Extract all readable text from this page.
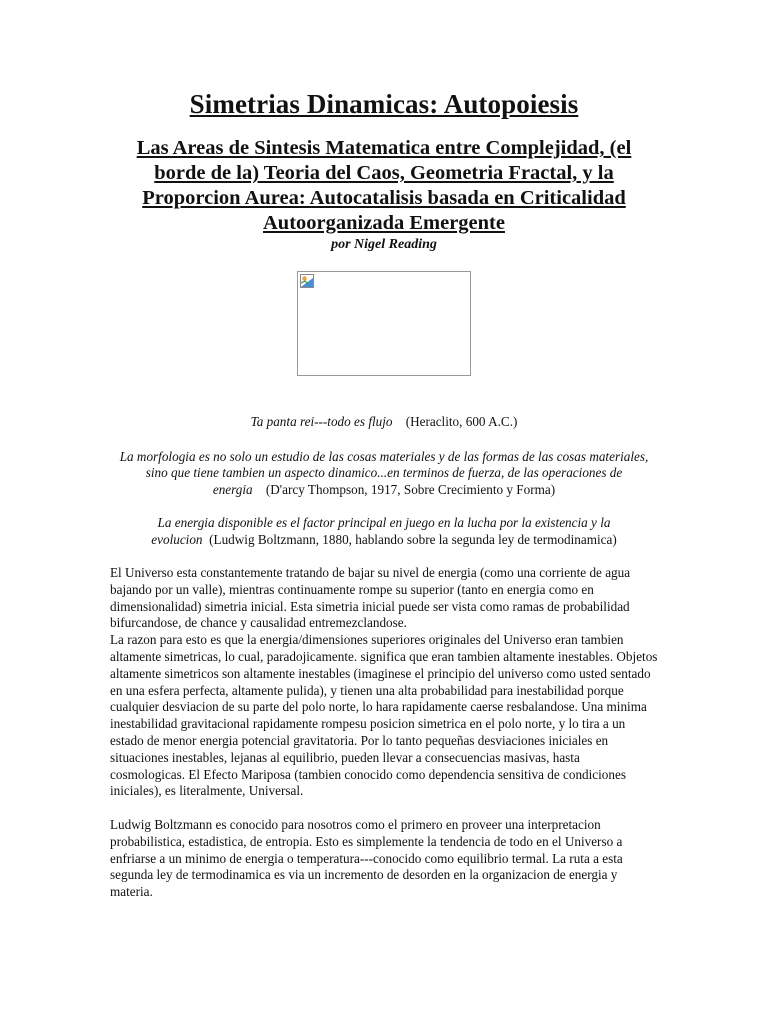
Simetrias Dinamicas: Autopoiesis
Las Areas de Sintesis Matematica entre Complejidad, (el borde de la) Teoria del Caos, Geometria Fractal, y la Proporcion Aurea: Autocatalisis basada en Criticalidad Autoorganizada Emergente

por Nigel Reading

Ta panta rei---todo es flujo (Heraclito, 600 A.C.)

La morfologia es no solo un estudio de las cosas materiales y de las formas de las cosas materiales, sino que tiene tambien un aspecto dinamico...en terminos de fuerza, de las operaciones de energia (D'arcy Thompson, 1917, Sobre Crecimiento y Forma)

La energia disponible es el factor principal en juego en la lucha por la existencia y la evolucion (Ludwig Boltzmann, 1880, hablando sobre la segunda ley de termodinamica)

El Universo esta constantemente tratando de bajar su nivel de energia (como una corriente de agua bajando por un valle), mientras continuamente rompe su superior (tanto en energia como en dimensionalidad) simetria inicial. Esta simetria inicial puede ser vista como ramas de probabilidad bifurcandose, de chance y causalidad entremezclandose.

La razon para esto es que la energia/dimensiones superiores originales del Universo eran tambien altamente simetricas, lo cual, paradojicamente. significa que eran tambien altamente inestables. Objetos altamente simetricos son altamente inestables (imaginese el principio del universo como usted sentado en una esfera perfecta, altamente pulida), y tienen una alta probabilidad para inestabilidad porque cualquier desviacion de su parte del polo norte, lo hara rapidamente caerse resbalandose. Una minima inestabilidad gravitacional rapidamente rompesu posicion simetrica en el polo norte, y lo tira a un estado de menor energia potencial gravitatoria. Por lo tanto pequeñas desviaciones iniciales en situaciones inestables, lejanas al equilibrio, pueden llevar a consecuencias masivas, hasta cosmologicas. El Efecto Mariposa (tambien conocido como dependencia sensitiva de condiciones iniciales), es literalmente, Universal.

Ludwig Boltzmann es conocido para nosotros como el primero en proveer una interpretacion probabilistica, estadistica, de entropia. Esto es simplemente la tendencia de todo en el Universo a enfriarse a un minimo de energia o temperatura---conocido como equilibrio termal. La ruta a esta segunda ley de termodinamica es via un incremento de desorden en la organizacion de energia y materia.
